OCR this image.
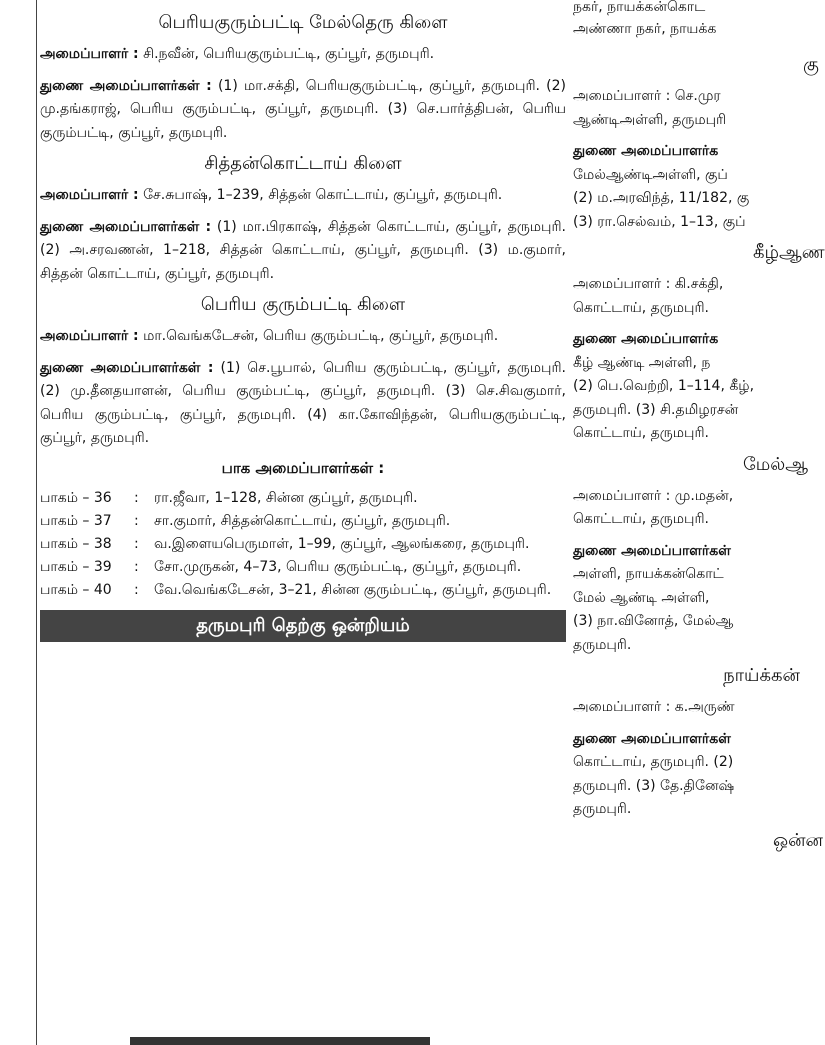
பெரியகுரும்பட்டி மேல்தெரு கிளை

அமைப்பாளர் : சி.நவீன், பெரியகுரும்பட்டி, குப்பூர், தருமபுரி.

துணை அமைப்பாளர்கள் : (1) மா.சக்தி, பெரியகுரும்பட்டி, குப்பூர், தருமபுரி. (2) மு.தங்கராஜ், பெரிய குரும்பட்டி, குப்பூர், தருமபுரி. (3) செ.பார்த்திபன், பெரிய குரும்பட்டி, குப்பூர், தருமபுரி.

சித்தன்கொட்டாய் கிளை

அமைப்பாளர் : சே.சுபாஷ், 1–239, சித்தன் கொட்டாய், குப்பூர், தருமபுரி.

துணை அமைப்பாளர்கள் : (1) மா.பிரகாஷ், சித்தன் கொட்டாய், குப்பூர், தருமபுரி. (2) அ.சரவணன், 1–218, சித்தன் கொட்டாய், குப்பூர், தருமபுரி. (3) ம.குமார், சித்தன் கொட்டாய், குப்பூர், தருமபுரி.

பெரிய குரும்பட்டி கிளை

அமைப்பாளர் : மா.வெங்கடேசன், பெரிய குரும்பட்டி, குப்பூர், தருமபுரி.

துணை அமைப்பாளர்கள் : (1) செ.பூபால், பெரிய குரும்பட்டி, குப்பூர், தருமபுரி. (2) மு.தீனதயாளன், பெரிய குரும்பட்டி, குப்பூர், தருமபுரி. (3) செ.சிவகுமார், பெரிய குரும்பட்டி, குப்பூர், தருமபுரி. (4) கா.கோவிந்தன், பெரியகுரும்பட்டி, குப்பூர், தருமபுரி.

பாக அமைப்பாளர்கள் :
பாகம் – 36	:	ரா.ஜீவா, 1–128, சின்ன குப்பூர், தருமபுரி.
பாகம் – 37	:	சா.குமார், சித்தன்கொட்டாய், குப்பூர், தருமபுரி.
பாகம் – 38	:	வ.இளையபெருமாள், 1–99, குப்பூர், ஆலங்கரை, தருமபுரி.
பாகம் – 39	:	சோ.முருகன், 4–73, பெரிய குரும்பட்டி, குப்பூர், தருமபுரி.
பாகம் – 40	:	வே.வெங்கடேசன், 3–21, சின்ன குரும்பட்டி, குப்பூர், தருமபுரி.
தருமபுரி தெற்கு ஒன்றியம்
நகர், நாயக்கன்கொட
அண்ணா நகர், நாயக்க
கு
அமைப்பாளர் : செ.முர
ஆண்டிஅள்ளி, தருமபுரி
துணை அமைப்பாளர்க
மேல்ஆண்டிஅள்ளி, குப்
(2) ம.அரவிந்த், 11/182, கு
(3) ரா.செல்வம், 1–13, குப்
கீழ்ஆண
அமைப்பாளர் : கி.சக்தி,
கொட்டாய், தருமபுரி.
துணை அமைப்பாளர்க
கீழ் ஆண்டி அள்ளி, ந
(2) பெ.வெற்றி, 1–114, கீழ்,
தருமபுரி. (3) சி.தமிழரசன்
கொட்டாய், தருமபுரி.
மேல்ஆ
அமைப்பாளர் : மு.மதன்,
கொட்டாய், தருமபுரி.
துணை அமைப்பாளர்கள்
அள்ளி, நாயக்கன்கொட்
மேல் ஆண்டி அள்ளி,
(3) நா.வினோத், மேல்ஆ
தருமபுரி.
நாய்க்கன்
அமைப்பாளர் : க.அருண்
துணை அமைப்பாளர்கள்
கொட்டாய், தருமபுரி. (2)
தருமபுரி. (3) தே.தினேஷ்
தருமபுரி.
ஒன்ன
